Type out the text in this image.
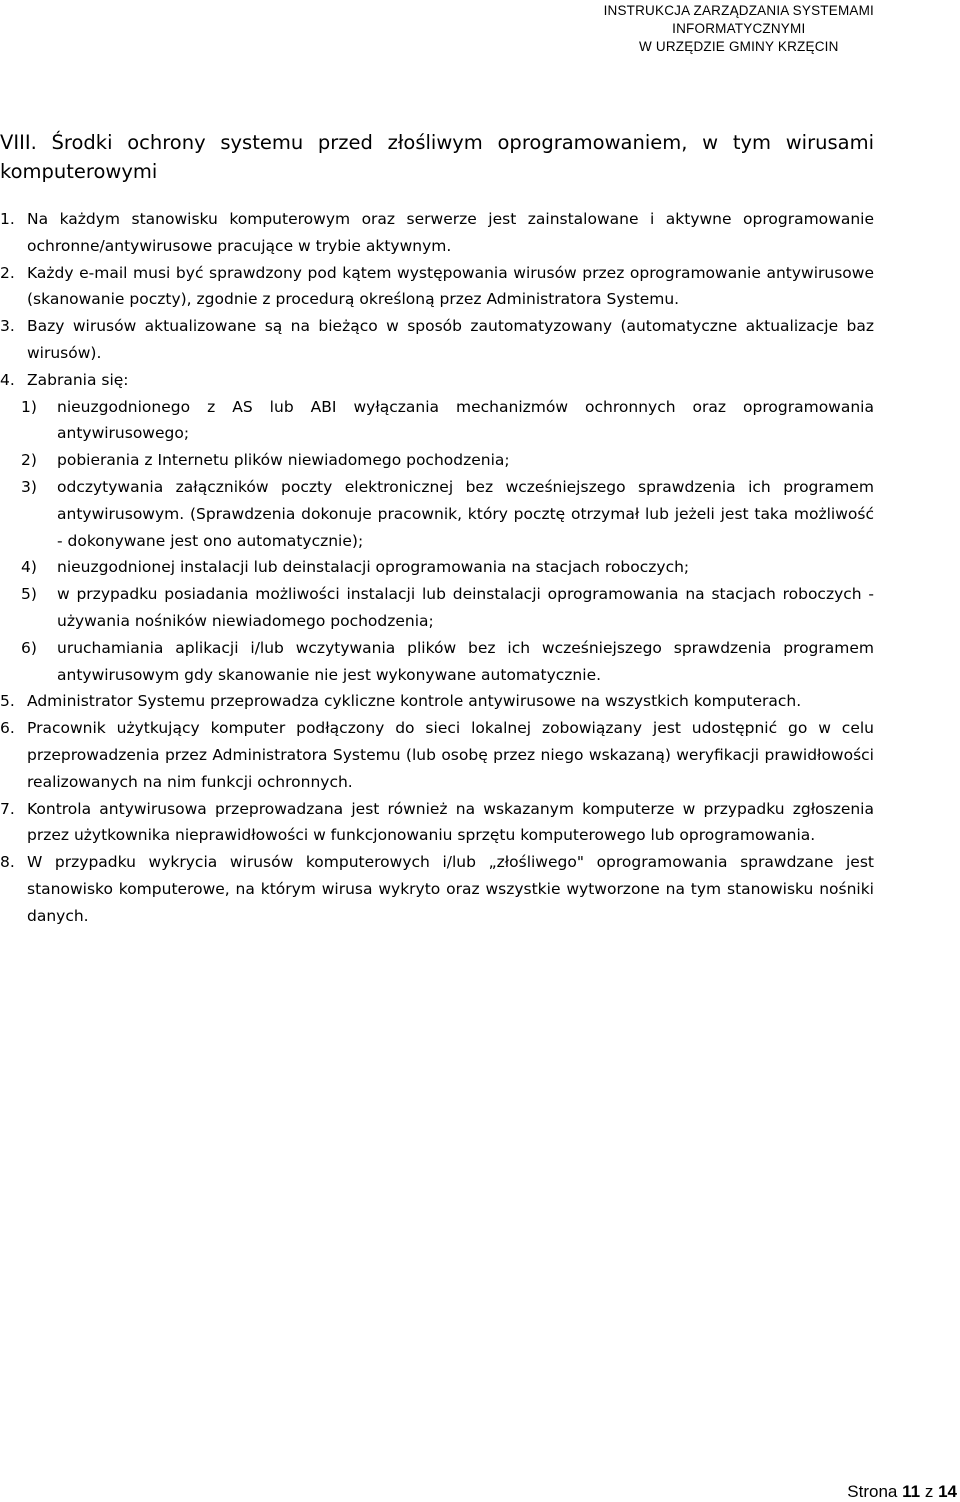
INSTRUKCJA ZARZĄDZANIA SYSTEMAMI
INFORMATYCZNYMI
W URZĘDZIE GMINY KRZĘCIN
VIII. Środki ochrony systemu przed złośliwym oprogramowaniem, w tym wirusami
komputerowymi
1. Na każdym stanowisku komputerowym oraz serwerze jest zainstalowane i aktywne oprogramowanie ochronne/antywirusowe pracujące w trybie aktywnym.
2. Każdy e-mail musi być sprawdzony pod kątem występowania wirusów przez oprogramowanie antywirusowe (skanowanie poczty), zgodnie z procedurą określoną przez Administratora Systemu.
3. Bazy wirusów aktualizowane są na bieżąco w sposób zautomatyzowany (automatyczne aktualizacje baz wirusów).
4. Zabrania się:
1) nieuzgodnionego z AS lub ABI wyłączania mechanizmów ochronnych oraz oprogramowania antywirusowego;
2) pobierania z Internetu plików niewiadomego pochodzenia;
3) odczytywania załączników poczty elektronicznej bez wcześniejszego sprawdzenia ich programem antywirusowym. (Sprawdzenia dokonuje pracownik, który pocztę otrzymał lub jeżeli jest taka możliwość - dokonywane jest ono automatycznie);
4) nieuzgodnionej instalacji lub deinstalacji oprogramowania na stacjach roboczych;
5) w przypadku posiadania możliwości instalacji lub deinstalacji oprogramowania na stacjach roboczych - używania nośników niewiadomego pochodzenia;
6) uruchamiania aplikacji i/lub wczytywania plików bez ich wcześniejszego sprawdzenia programem antywirusowym gdy skanowanie nie jest wykonywane automatycznie.
5. Administrator Systemu przeprowadza cykliczne kontrole antywirusowe na wszystkich komputerach.
6. Pracownik użytkujący komputer podłączony do sieci lokalnej zobowiązany jest udostępnić go w celu przeprowadzenia przez Administratora Systemu (lub osobę przez niego wskazaną) weryfikacji prawidłowości realizowanych na nim funkcji ochronnych.
7. Kontrola antywirusowa przeprowadzana jest również na wskazanym komputerze w przypadku zgłoszenia przez użytkownika nieprawidłowości w funkcjonowaniu sprzętu komputerowego lub oprogramowania.
8. W przypadku wykrycia wirusów komputerowych i/lub „złośliwego" oprogramowania sprawdzane jest stanowisko komputerowe, na którym wirusa wykryto oraz wszystkie wytworzone na tym stanowisku nośniki danych.
Strona 11 z 14
